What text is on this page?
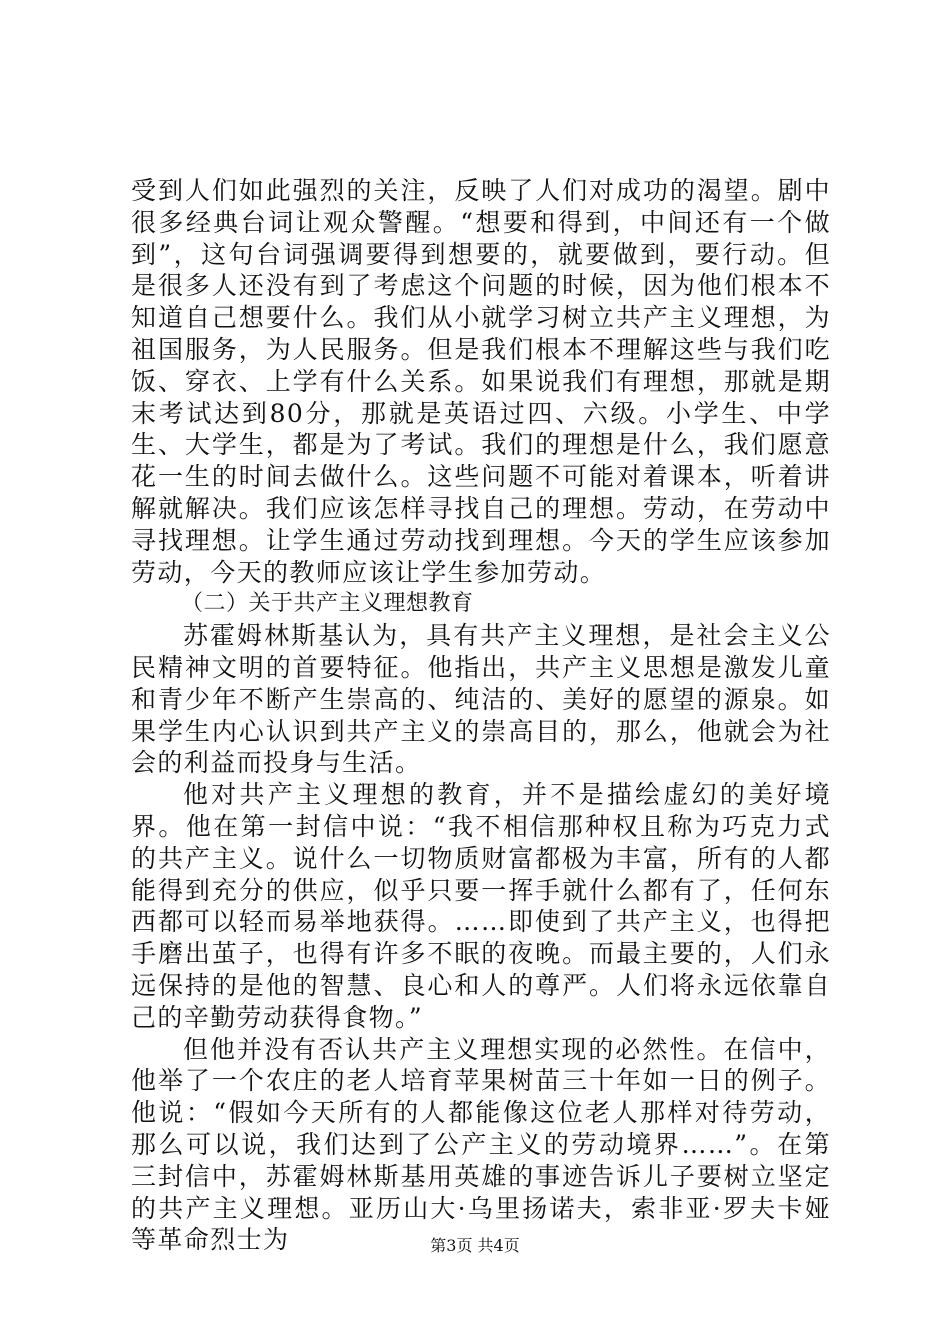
受到人们如此强烈的关注，反映了人们对成功的渴望。剧中很多经典台词让观众警醒。“想要和得到，中间还有一个做到”，这句台词强调要得到想要的，就要做到，要行动。但是很多人还没有到了考虑这个问题的时候，因为他们根本不知道自己想要什么。我们从小就学习树立共产主义理想，为祖国服务，为人民服务。但是我们根本不理解这些与我们吃饭、穿衣、上学有什么关系。如果说我们有理想，那就是期末考试达到80分，那就是英语过四、六级。小学生、中学生、大学生，都是为了考试。我们的理想是什么，我们愿意花一生的时间去做什么。这些问题不可能对着课本，听着讲解就解决。我们应该怎样寻找自己的理想。劳动，在劳动中寻找理想。让学生通过劳动找到理想。今天的学生应该参加劳动，今天的教师应该让学生参加劳动。

（二）关于共产主义理想教育

苏霍姆林斯基认为，具有共产主义理想，是社会主义公民精神文明的首要特征。他指出，共产主义思想是激发儿童和青少年不断产生崇高的、纯洁的、美好的愿望的源泉。如果学生内心认识到共产主义的崇高目的，那么，他就会为社会的利益而投身与生活。

他对共产主义理想的教育，并不是描绘虚幻的美好境界。他在第一封信中说：“我不相信那种权且称为巧克力式的共产主义。说什么一切物质财富都极为丰富，所有的人都能得到充分的供应，似乎只要一挥手就什么都有了，任何东西都可以轻而易举地获得。……即使到了共产主义，也得把手磨出茧子，也得有许多不眠的夜晚。而最主要的，人们永远保持的是他的智慧、良心和人的尊严。人们将永远依靠自己的辛勤劳动获得食物。”

但他并没有否认共产主义理想实现的必然性。在信中，他举了一个农庄的老人培育苹果树苗三十年如一日的例子。他说：“假如今天所有的人都能像这位老人那样对待劳动，那么可以说，我们达到了公产主义的劳动境界……”。在第三封信中，苏霍姆林斯基用英雄的事迹告诉儿子要树立坚定的共产主义理想。亚历山大·乌里扬诺夫，索非亚·罗夫卡娅等革命烈士为	第3页 共4页
